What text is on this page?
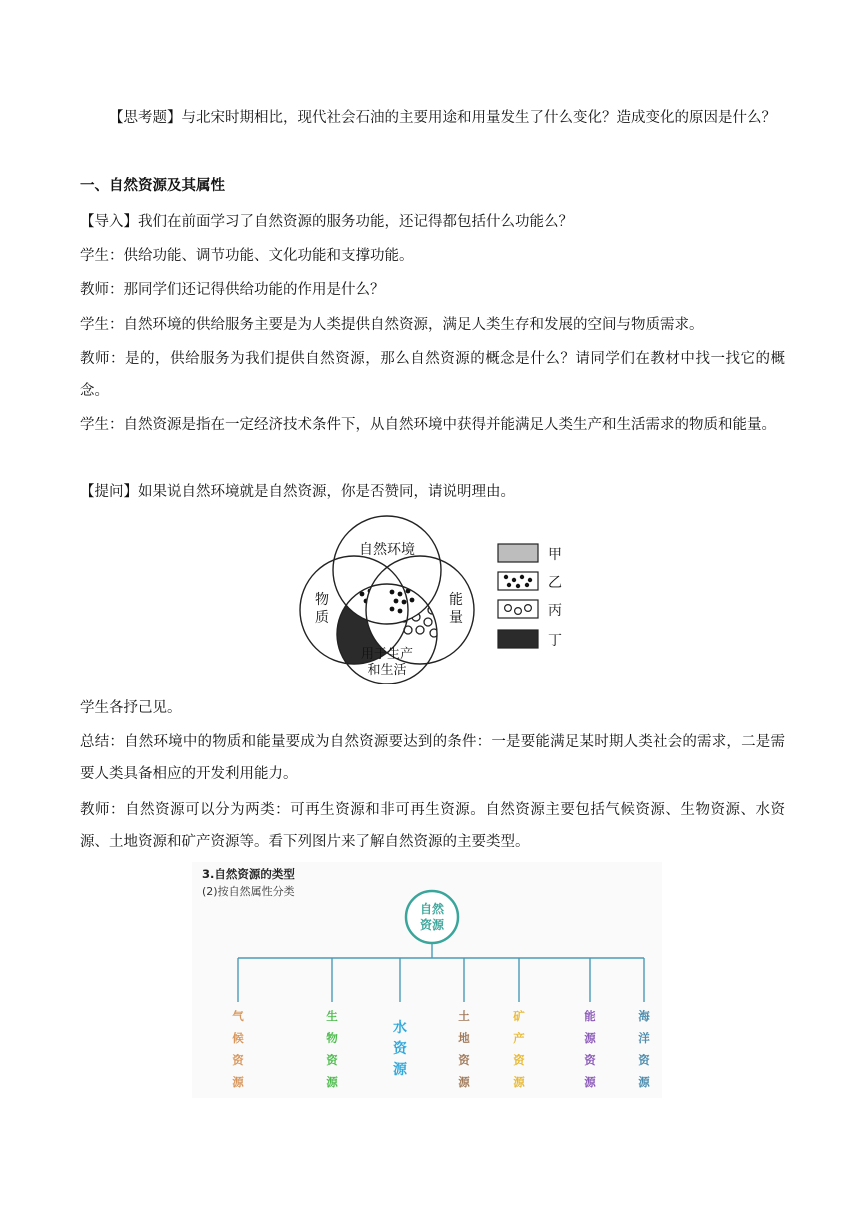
【思考题】与北宋时期相比，现代社会石油的主要用途和用量发生了什么变化？造成变化的原因是什么？
一、自然资源及其属性
【导入】我们在前面学习了自然资源的服务功能，还记得都包括什么功能么？
学生：供给功能、调节功能、文化功能和支撑功能。
教师：那同学们还记得供给功能的作用是什么？
学生：自然环境的供给服务主要是为人类提供自然资源，满足人类生存和发展的空间与物质需求。
教师：是的，供给服务为我们提供自然资源，那么自然资源的概念是什么？请同学们在教材中找一找它的概念。
学生：自然资源是指在一定经济技术条件下，从自然环境中获得并能满足人类生产和生活需求的物质和能量。
【提问】如果说自然环境就是自然资源，你是否赞同，请说明理由。
自然环境
物
质
能
量
用于生产
和生活
甲
乙
丙
丁
学生各抒己见。
总结：自然环境中的物质和能量要成为自然资源要达到的条件：一是要能满足某时期人类社会的需求，二是需要人类具备相应的开发利用能力。
教师：自然资源可以分为两类：可再生资源和非可再生资源。自然资源主要包括气候资源、生物资源、水资源、土地资源和矿产资源等。看下列图片来了解自然资源的主要类型。
3.自然资源的类型
(2)按自然属性分类
自然
资源
气
候
资
源
生
物
资
源
水
资
源
土
地
资
源
矿
产
资
源
能
源
资
源
海
洋
资
源
